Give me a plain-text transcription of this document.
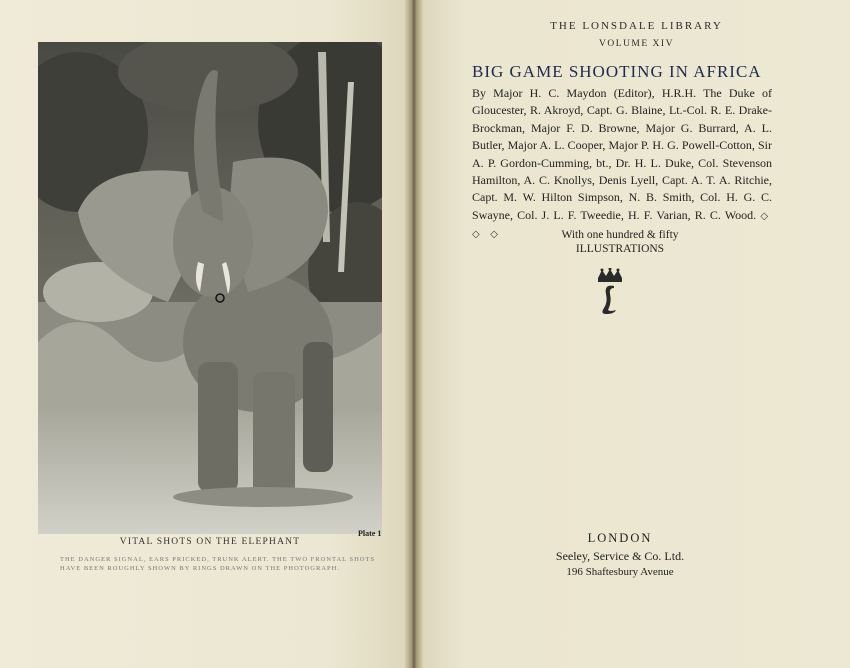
Plate 1
VITAL SHOTS ON THE ELEPHANT
THE DANGER SIGNAL, EARS PRICKED, TRUNK ALERT. THE TWO FRONTAL SHOTS HAVE BEEN ROUGHLY SHOWN BY RINGS DRAWN ON THE PHOTOGRAPH.
THE LONSDALE LIBRARY
VOLUME XIV
BIG GAME SHOOTING IN AFRICA
By Major H. C. Maydon (Editor), H.R.H. The Duke of Gloucester, R. Akroyd, Capt. G. Blaine, Lt.-Col. R. E. Drake-Brockman, Major F. D. Browne, Major G. Burrard, A. L. Butler, Major A. L. Cooper, Major P. H. G. Powell-Cotton, Sir A. P. Gordon-Cumming, bt., Dr. H. L. Duke, Col. Stevenson Hamilton, A. C. Knollys, Denis Lyell, Capt. A. T. A. Ritchie, Capt. M. W. Hilton Simpson, N. B. Smith, Col. H. G. C. Swayne, Col. J. L. F. Tweedie, H. F. Varian, R. C. Wood. ◇ ◇ ◇	With one hundred & fifty
ILLUSTRATIONS
LONDON
Seeley, Service & Co. Ltd.
196 Shaftesbury Avenue
